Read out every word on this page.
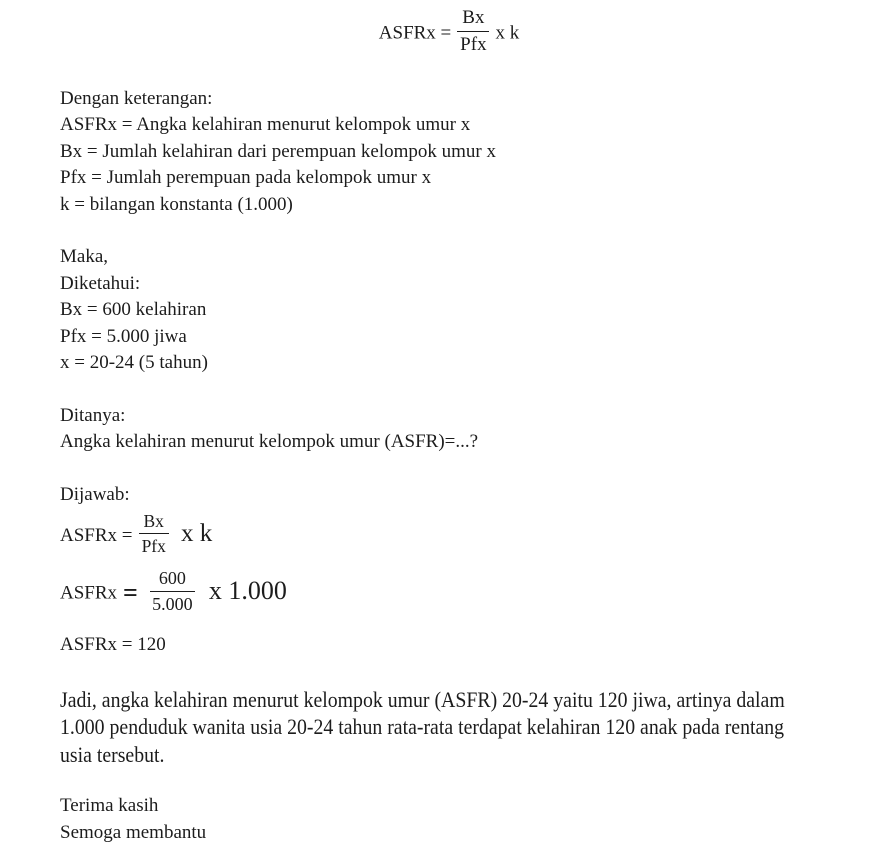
ASFRx = $\frac{Bx}{\text{Pfx}}$ x k
Dengan keterangan:
ASFRx = Angka kelahiran menurut kelompok umur x
Bx = Jumlah kelahiran dari perempuan kelompok umur x
Pfx = Jumlah perempuan pada kelompok umur x
k = bilangan konstanta (1.000)
Maka,
Diketahui:
Bx = 600 kelahiran
Pfx = 5.000 jiwa
x = 20-24 (5 tahun)
Ditanya:
Angka kelahiran menurut kelompok umur (ASFR)=...?
Dijawab:
ASFRx = $\frac{Bx}{\text{Pfx}}$ x k
ASFRx = $\frac{600}{5.000}$ x 1.000
ASFRx = 120
Jadi, angka kelahiran menurut kelompok umur (ASFR) 20-24 yaitu 120 jiwa, artinya dalam
1.000 penduduk wanita usia 20-24 tahun rata-rata terdapat kelahiran 120 anak pada rentang
usia tersebut.
Terima kasih
Semoga membantu
